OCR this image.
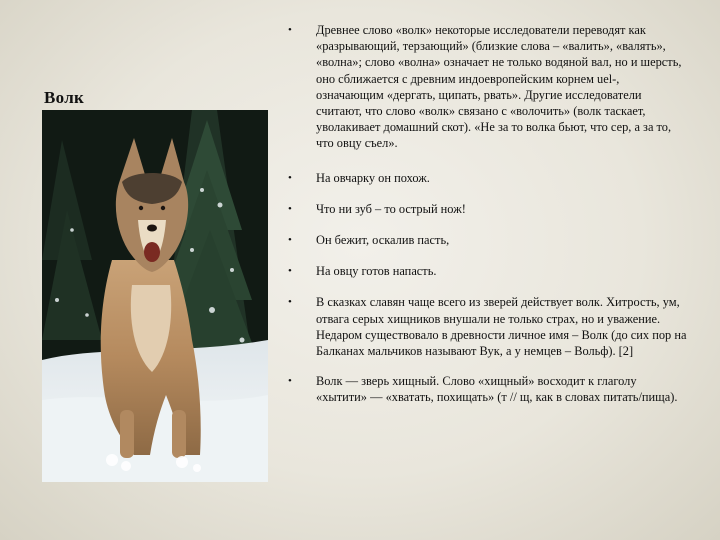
Волк
• Древнее слово «волк» некоторые исследователи переводят как «разрывающий, терзающий» (близкие слова – «валить», «валять», «волна»; слово «волна» означает не только водяной вал, но и шерсть, оно сближается с древним индоевропейским корнем uel-, означающим «дергать, щипать, рвать». Другие исследователи считают, что слово «волк» связано с «волочить» (волк таскает, уволакивает домашний скот). «Не за то волка бьют, что сер, а за то, что овцу съел».
• На овчарку он похож.
• Что ни зуб – то острый нож!
• Он бежит, оскалив пасть,
• На овцу готов напасть.
• В сказках славян чаще всего из зверей действует волк. Хитрость, ум, отвага серых хищников внушали не только страх, но и уважение. Недаром существовало в древности личное имя – Волк (до сих пор на Балканах мальчиков называют Вук, а у немцев – Вольф). [2]
• Волк — зверь хищный. Слово «хищный» восходит к глаголу «хытити» — «хватать, похищать» (т // щ, как в словах питать/пища).
